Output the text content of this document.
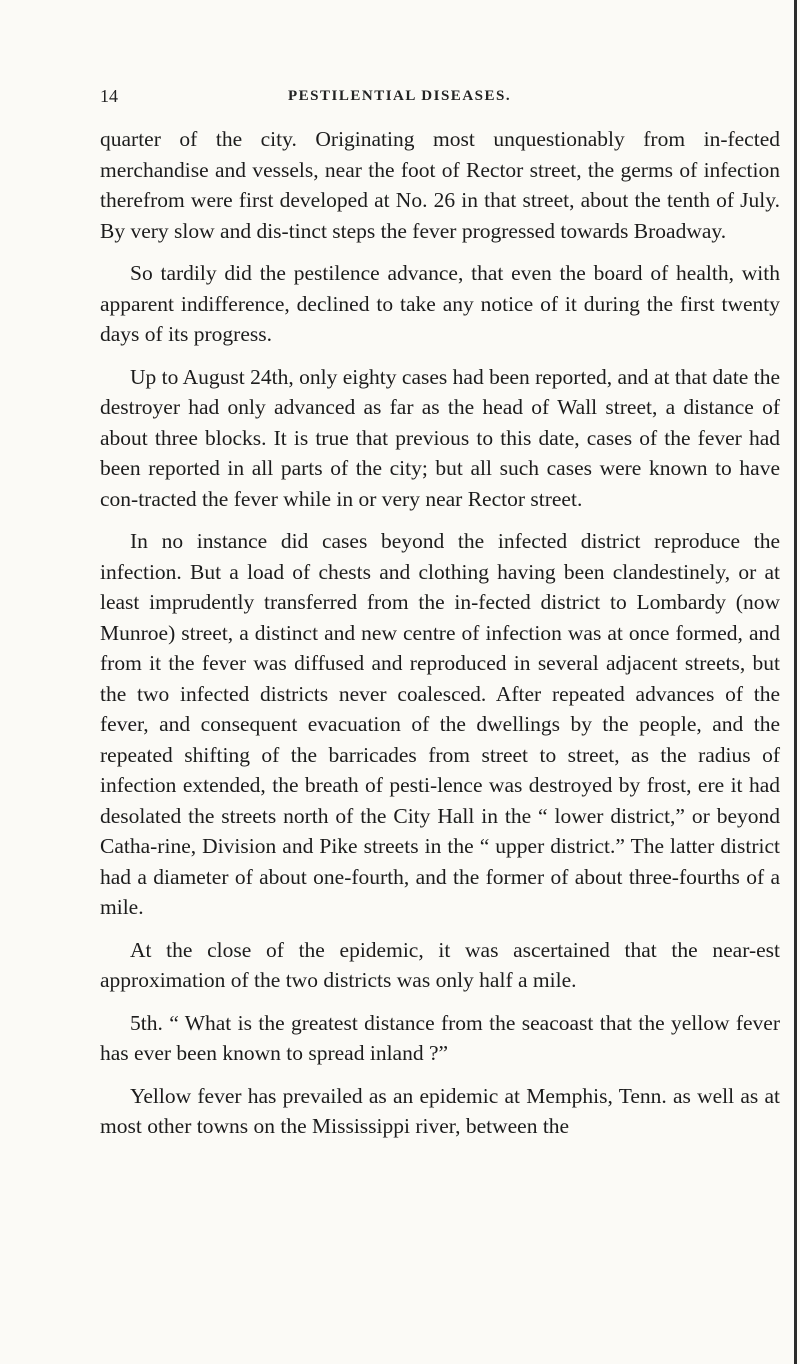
14	PESTILENTIAL DISEASES.

quarter of the city. Originating most unquestionably from in-fected merchandise and vessels, near the foot of Rector street, the germs of infection therefrom were first developed at No. 26 in that street, about the tenth of July. By very slow and dis-tinct steps the fever progressed towards Broadway.

So tardily did the pestilence advance, that even the board of health, with apparent indifference, declined to take any notice of it during the first twenty days of its progress.

Up to August 24th, only eighty cases had been reported, and at that date the destroyer had only advanced as far as the head of Wall street, a distance of about three blocks. It is true that previous to this date, cases of the fever had been reported in all parts of the city; but all such cases were known to have con-tracted the fever while in or very near Rector street.

In no instance did cases beyond the infected district reproduce the infection. But a load of chests and clothing having been clandestinely, or at least imprudently transferred from the in-fected district to Lombardy (now Munroe) street, a distinct and new centre of infection was at once formed, and from it the fever was diffused and reproduced in several adjacent streets, but the two infected districts never coalesced. After repeated advances of the fever, and consequent evacuation of the dwellings by the people, and the repeated shifting of the barricades from street to street, as the radius of infection extended, the breath of pesti-lence was destroyed by frost, ere it had desolated the streets north of the City Hall in the “ lower district,” or beyond Catha-rine, Division and Pike streets in the “ upper district.” The latter district had a diameter of about one-fourth, and the former of about three-fourths of a mile.

At the close of the epidemic, it was ascertained that the near-est approximation of the two districts was only half a mile.

5th. “ What is the greatest distance from the seacoast that the yellow fever has ever been known to spread inland ?”

Yellow fever has prevailed as an epidemic at Memphis, Tenn. as well as at most other towns on the Mississippi river, between the
